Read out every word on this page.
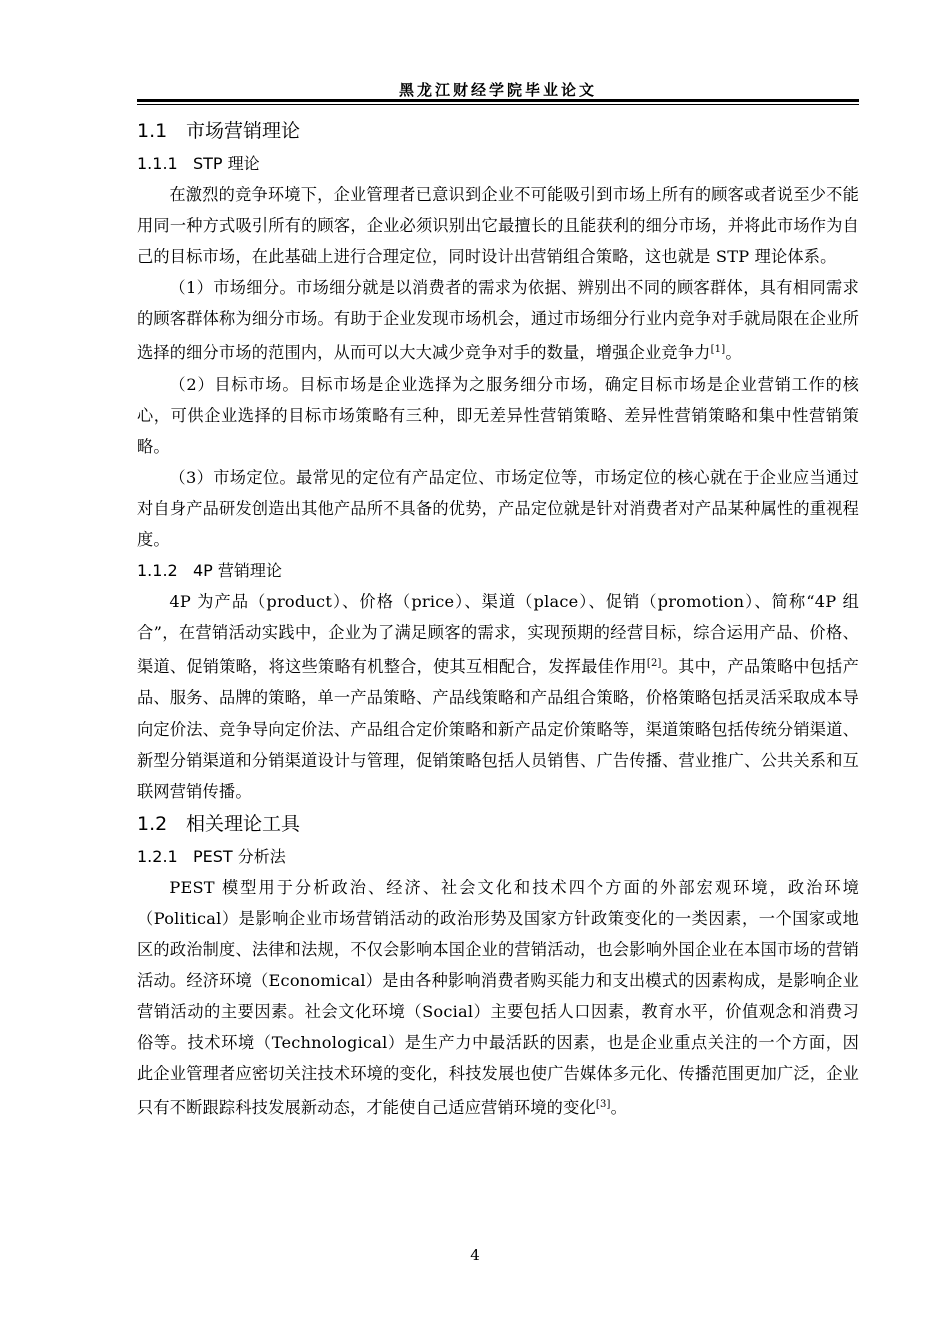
黑龙江财经学院毕业论文
1.1 市场营销理论
1.1.1 STP 理论

在激烈的竞争环境下，企业管理者已意识到企业不可能吸引到市场上所有的顾客或者说至少不能用同一种方式吸引所有的顾客，企业必须识别出它最擅长的且能获利的细分市场，并将此市场作为自己的目标市场，在此基础上进行合理定位，同时设计出营销组合策略，这也就是 STP 理论体系。

（1）市场细分。市场细分就是以消费者的需求为依据、辨别出不同的顾客群体，具有相同需求的顾客群体称为细分市场。有助于企业发现市场机会，通过市场细分行业内竞争对手就局限在企业所选择的细分市场的范围内，从而可以大大减少竞争对手的数量，增强企业竞争力[1]。

（2）目标市场。目标市场是企业选择为之服务细分市场，确定目标市场是企业营销工作的核心，可供企业选择的目标市场策略有三种，即无差异性营销策略、差异性营销策略和集中性营销策略。

（3）市场定位。最常见的定位有产品定位、市场定位等，市场定位的核心就在于企业应当通过对自身产品研发创造出其他产品所不具备的优势，产品定位就是针对消费者对产品某种属性的重视程度。

1.1.2 4P 营销理论

4P 为产品（product）、价格（price）、渠道（place）、促销（promotion）、简称“4P 组合”，在营销活动实践中，企业为了满足顾客的需求，实现预期的经营目标，综合运用产品、价格、渠道、促销策略，将这些策略有机整合，使其互相配合，发挥最佳作用[2]。其中，产品策略中包括产品、服务、品牌的策略，单一产品策略、产品线策略和产品组合策略，价格策略包括灵活采取成本导向定价法、竞争导向定价法、产品组合定价策略和新产品定价策略等，渠道策略包括传统分销渠道、新型分销渠道和分销渠道设计与管理，促销策略包括人员销售、广告传播、营业推广、公共关系和互联网营销传播。

1.2 相关理论工具
1.2.1 PEST 分析法

PEST 模型用于分析政治、经济、社会文化和技术四个方面的外部宏观环境，政治环境（Political）是影响企业市场营销活动的政治形势及国家方针政策变化的一类因素，一个国家或地区的政治制度、法律和法规，不仅会影响本国企业的营销活动，也会影响外国企业在本国市场的营销活动。经济环境（Economical）是由各种影响消费者购买能力和支出模式的因素构成，是影响企业营销活动的主要因素。社会文化环境（Social）主要包括人口因素，教育水平，价值观念和消费习俗等。技术环境（Technological）是生产力中最活跃的因素，也是企业重点关注的一个方面，因此企业管理者应密切关注技术环境的变化，科技发展也使广告媒体多元化、传播范围更加广泛，企业只有不断跟踪科技发展新动态，才能使自己适应营销环境的变化[3]。

4
